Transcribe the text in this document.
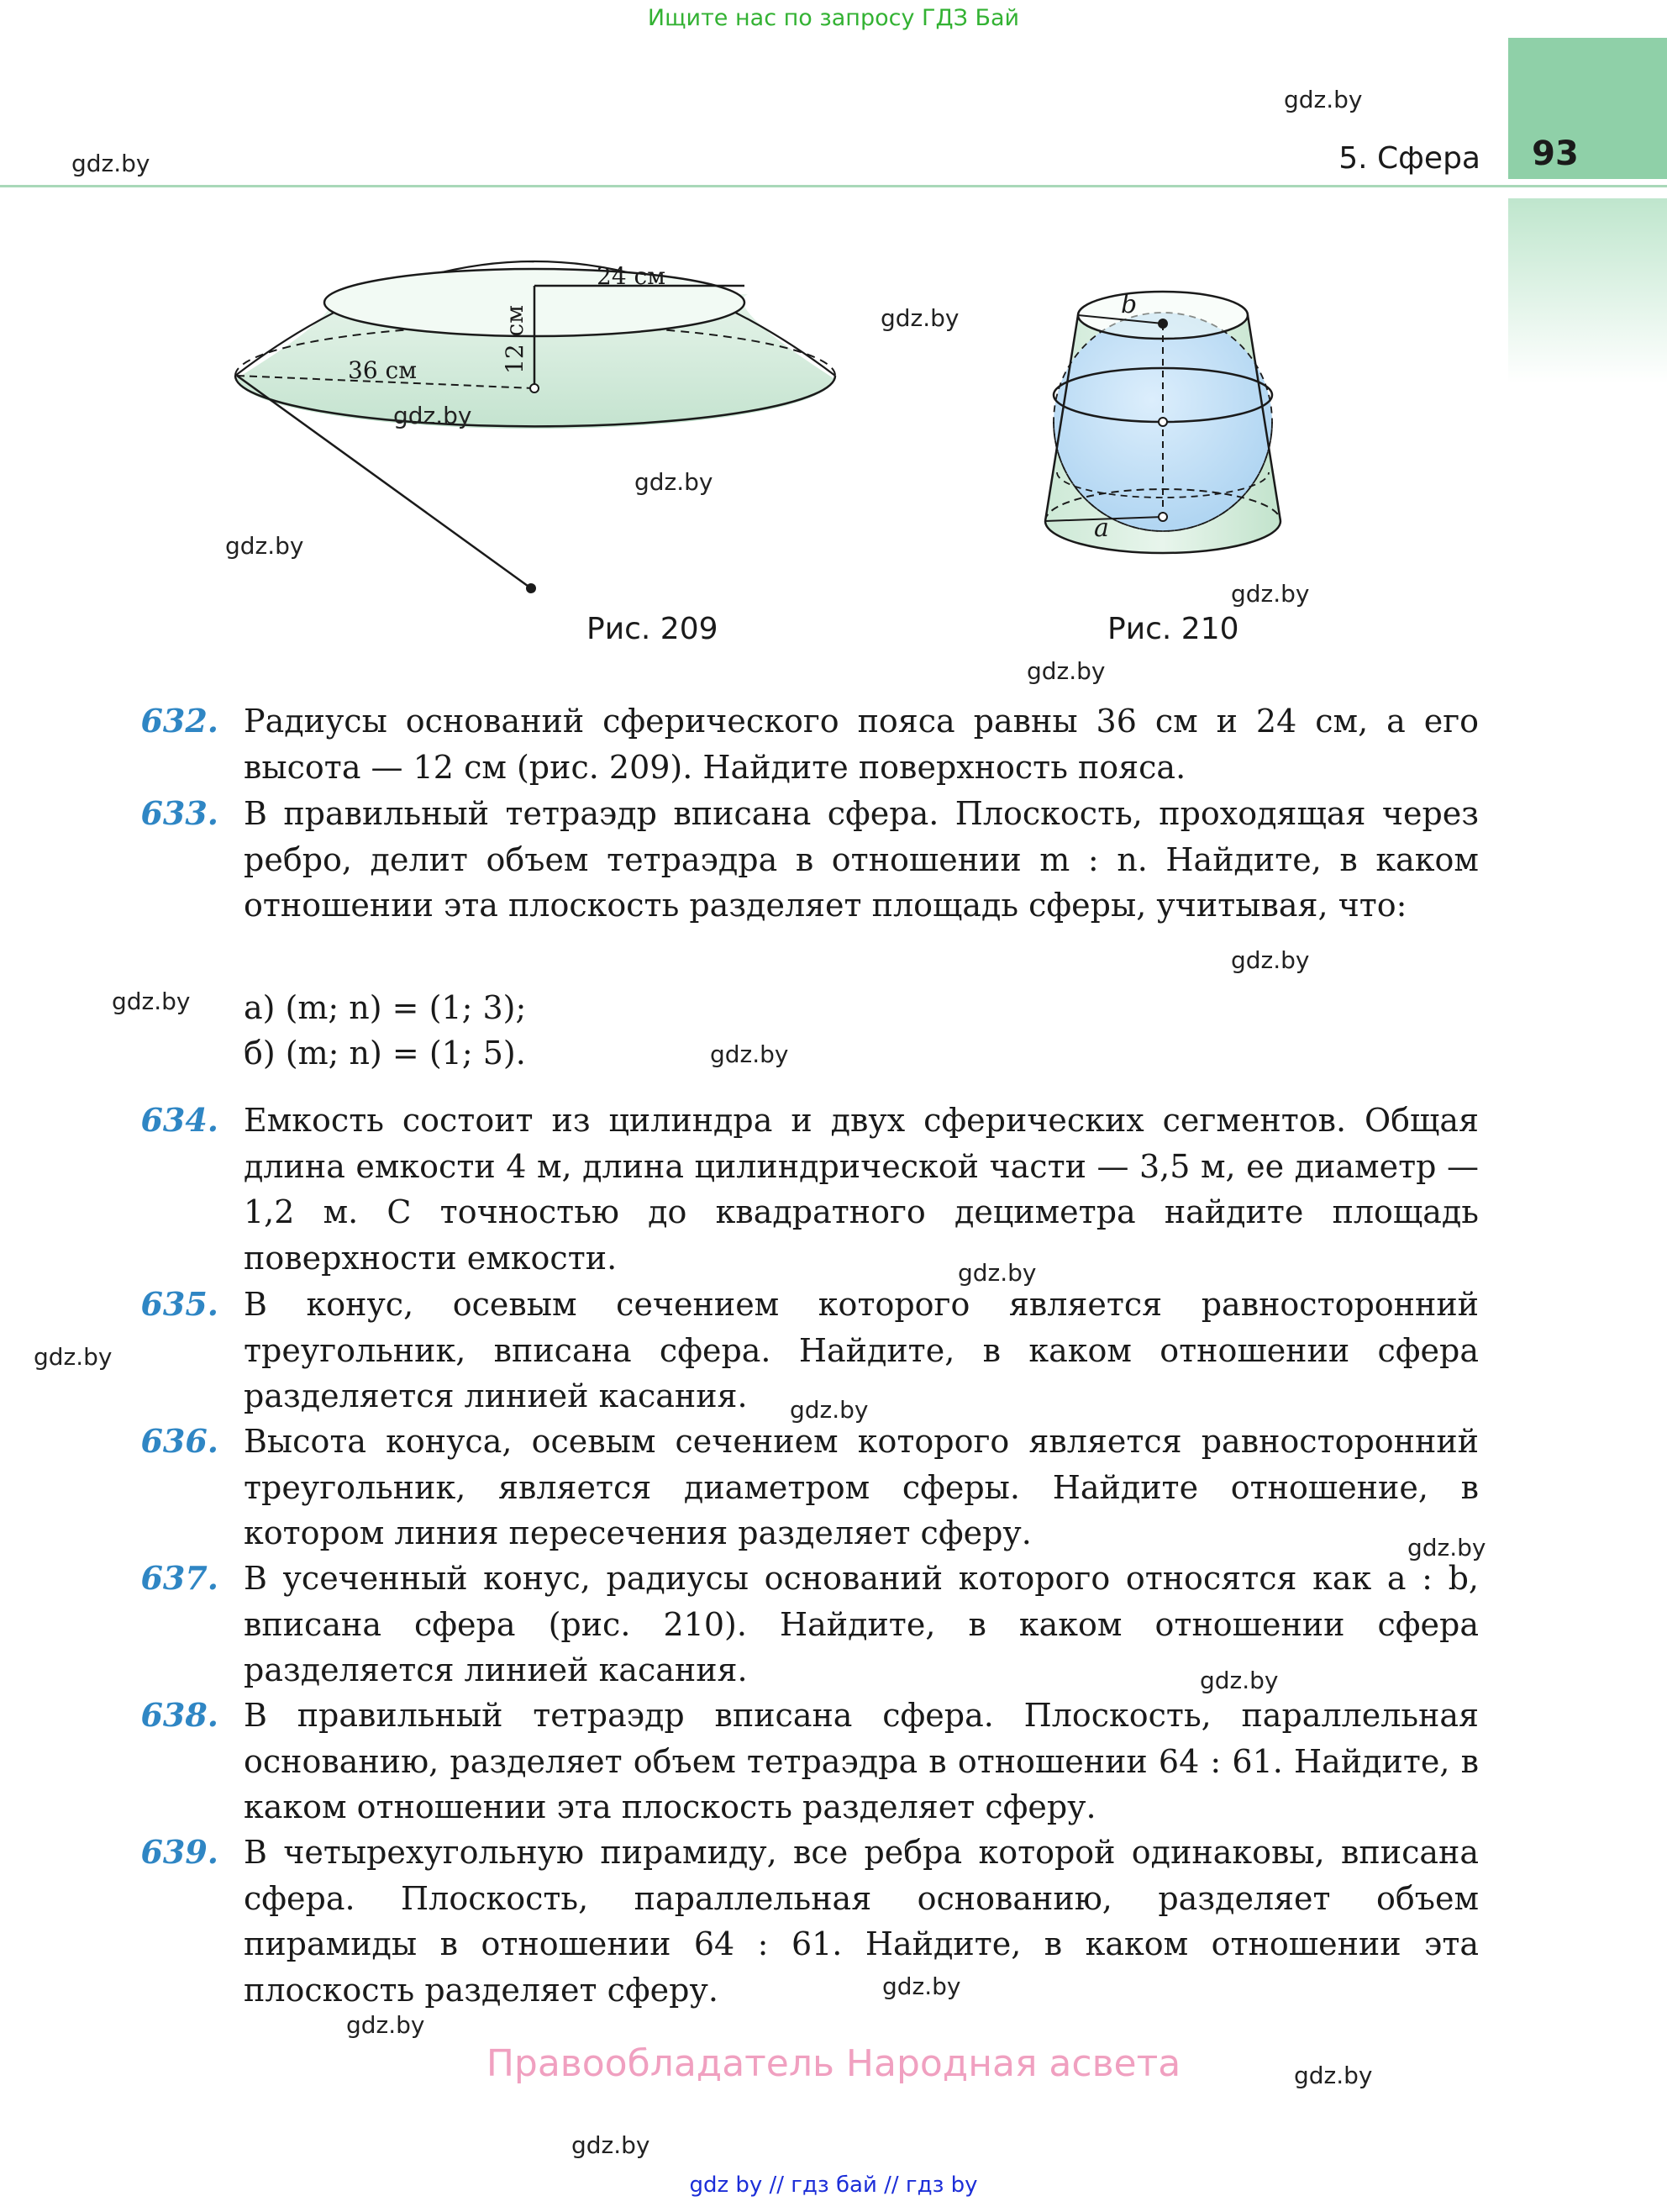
Ищите нас по запросу ГДЗ Бай
93
5. Сфера
24 см
36 см	12 см
Рис. 209
b
a
Рис. 210
632. Радиусы оснований сферического пояса равны 36 см и 24 см, а его высота — 12 см (рис. 209). Найдите поверхность пояса.
633. В правильный тетраэдр вписана сфера. Плоскость, проходящая через ребро, делит объем тетраэдра в отношении m : n. Найдите, в каком отношении эта плоскость разделяет площадь сферы, учитывая, что:
а) (m; n) = (1; 3);
б) (m; n) = (1; 5).
634. Емкость состоит из цилиндра и двух сферических сегментов. Общая длина емкости 4 м, длина цилиндрической части — 3,5 м, ее диаметр — 1,2 м. С точностью до квадратного дециметра найдите площадь поверхности емкости.
635. В конус, осевым сечением которого является равносторонний треугольник, вписана сфера. Найдите, в каком отношении сфера разделяется линией касания.
636. Высота конуса, осевым сечением которого является равносторонний треугольник, является диаметром сферы. Найдите отношение, в котором линия пересечения разделяет сферу.
637. В усеченный конус, радиусы оснований которого относятся как a : b, вписана сфера (рис. 210). Найдите, в каком отношении сфера разделяется линией касания.
638. В правильный тетраэдр вписана сфера. Плоскость, параллельная основанию, разделяет объем тетраэдра в отношении 64 : 61. Найдите, в каком отношении эта плоскость разделяет сферу.
639. В четырехугольную пирамиду, все ребра которой одинаковы, вписана сфера. Плоскость, параллельная основанию, разделяет объем пирамиды в отношении 64 : 61. Найдите, в каком отношении эта плоскость разделяет сферу.
gdz.by
gdz.by
gdz.by
gdz.by
gdz.by
gdz.by
gdz.by
gdz.by
gdz.by
gdz.by
gdz.by
gdz.by
gdz.by
gdz.by
gdz.by
gdz.by
gdz.by
gdz.by
gdz.by
gdz.by
Правообладатель Народная асвета
gdz by // гдз бай // гдз by
